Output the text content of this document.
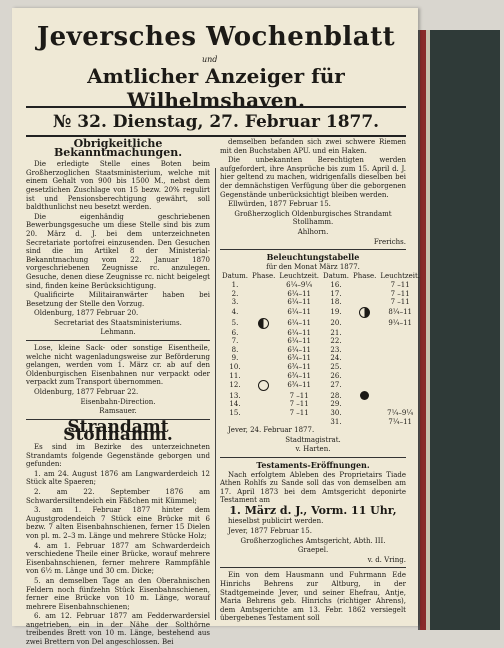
Jeversches Wochenblatt
und
Amtlicher Anzeiger für Wilhelmshaven.
№ 32. Dienstag, 27. Februar 1877.
Obrigkeitliche Bekanntmachungen.

Die erledigte Stelle eines Boten beim Großherzoglichen Staatsministerium, welche mit einem Gehalt von 900 bis 1500 M., nebst dem gesetzlichen Zuschlage von 15 bezw. 20% regulirt ist und Pensionsberechtigung gewährt, soll baldthunlichst neu besetzt werden.

Die eigenhändig geschriebenen Bewerbungsgesuche um diese Stelle sind bis zum 20. März d. J. bei dem unterzeichneten Secretariate portofrei einzusenden. Den Gesuchen sind die im Artikel 8 der Ministerial-Bekanntmachung vom 22. Januar 1870 vorgeschriebenen Zeugnisse rc. anzulegen. Gesuche, denen diese Zeugnisse rc. nicht beigelegt sind, finden keine Berücksichtigung.

Qualificirte Militairanwärter haben bei Besetzung der Stelle den Vorzug.

Oldenburg, 1877 Februar 20.

Secretariat des Staatsministeriums.

Lehmann.

Lose, kleine Sack- oder sonstige Eisentheile, welche nicht wagenladungsweise zur Beförderung gelangen, werden vom 1. März cr. ab auf den Oldenburgischen Eisenbahnen nur verpackt oder verpackt zum Transport übernommen.

Oldenburg, 1877 Februar 22.

Eisenbahn-Direction.

Ramsauer.

Strandamt Stollhamm.

Es sind im Bezirke des unterzeichneten Strandamts folgende Gegenstände geborgen und gefunden:

1. am 24. August 1876 am Langwarderdeich 12 Stück alte Spaeren;

2. am 22. September 1876 am Schwardersiltendeich ein Fäßchen mit Kümmel;

3. am 1. Februar 1877 hinter dem Augustgrodendeich 7 Stück eine Brücke mit 6 bezw. 7 alten Eisenbahnschienen, ferner 15 Dielen von pl. m. 2–3 m. Länge und mehrere Stücke Holz;

4. am 1. Februar 1877 am Schwarderdeich verschiedene Theile einer Brücke, worauf mehrere Eisenbahnschienen, ferner mehrere Rammpfähle von 6½ m. Länge und 30 cm. Dicke;

5. an demselben Tage an den Oberahnischen Feldern noch fünfzehn Stück Eisenbahnschienen, ferner eine Brücke von 10 m. Länge, worauf mehrere Eisenbahnschienen;

6. am 12. Februar 1877 am Fedderwardersiel angetrieben, ein in der Nähe der Solthörne treibendes Brett von 10 m. Länge, bestehend aus zwei Brettern von Del angeschlossen. Bei

demselben befanden sich zwei schwere Riemen mit den Buchstaben APU. und ein Haken.

Die unbekannten Berechtigten werden aufgefordert, ihre Ansprüche bis zum 15. April d. J. hier geltend zu machen, widrigenfalls dieselben bei der demnächstigen Verfügung über die geborgenen Gegenstände unberücksichtigt bleiben werden.

Ellwürden, 1877 Februar 15.

Großherzoglich Oldenburgisches Strandamt Stollhamm.

Ahlhorn.

Frerichs.

Beleuchtungstabelle

für den Monat März 1877.

Datum.	Phase.	Leuchtzeit.	Datum.	Phase.	Leuchtzeit.
1.		6¼–9¼	16.		7 –11
2.		6¼–11	17.		7 –11
3.		6¼–11	18.		7 –11
4.		6¼–11	19.		8¼–11
5.		6¼–11	20.		9¼–11
6.		6¼–11	21.		
7.		6¼–11	22.		
8.		6¼–11	23.		
9.		6¾–11	24.		
10.		6¾–11	25.		
11.		6¾–11	26.		
12.		6¾–11	27.		
13.		7 –11	28.		
14.		7 –11	29.		
15.		7 –11	30.		7¼–9¼
			31.		7¼–11

Jever, 24. Februar 1877.

Stadtmagistrat.

v. Harten.

Testaments-Eröffnungen.

Nach erfolgtem Ableben des Proprietairs Tiade Athen Rohlfs zu Sande soll das von demselben am 17. April 1873 bei dem Amtsgericht deponirte Testament am

1. März d. J., Vorm. 11 Uhr,

hieselbst publicirt werden.

Jever, 1877 Februar 15.

Großherzogliches Amtsgericht, Abth. III.

Graepel.

v. d. Vring.

Ein von dem Hausmann und Fuhrmann Ede Hinrichs Behrens zur Altburg, in der Stadtgemeinde Jever, und seiner Ehefrau, Antje, Maria Behrens geb. Hinrichs (richtiger Ahrens), dem Amtsgerichte am 13. Febr. 1862 versiegelt übergebenes Testament soll
